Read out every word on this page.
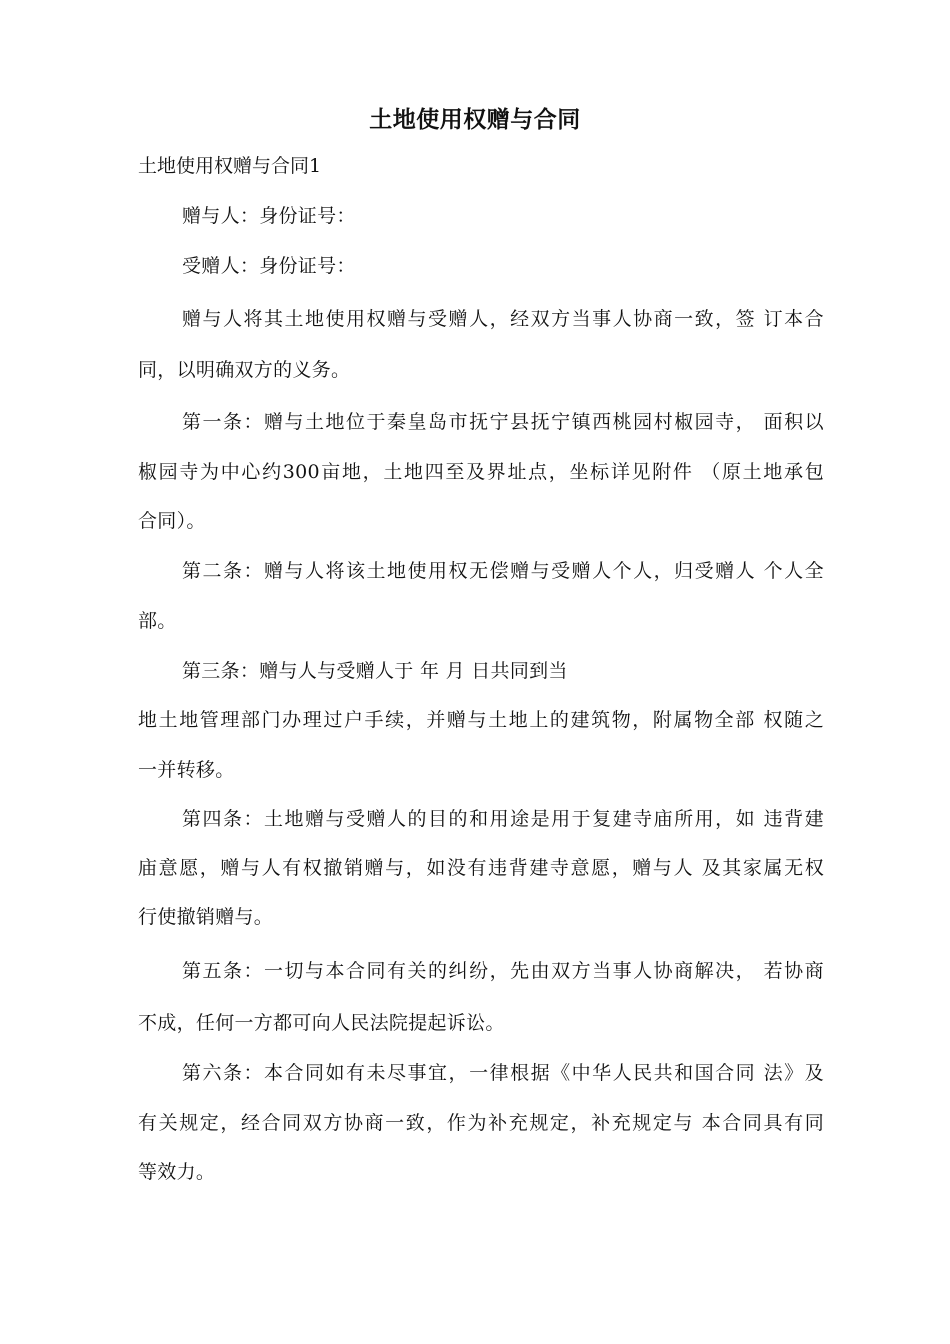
土地使用权赠与合同
土地使用权赠与合同1
赠与人：身份证号：
受赠人：身份证号：
赠与人将其土地使用权赠与受赠人，经双方当事人协商一致，签 订本合
同，以明确双方的义务。
第一条：赠与土地位于秦皇岛市抚宁县抚宁镇西桃园村椒园寺， 面积以
椒园寺为中心约300亩地，土地四至及界址点，坐标详见附件 （原土地承包
合同）。
第二条：赠与人将该土地使用权无偿赠与受赠人个人，归受赠人 个人全
部。
第三条：赠与人与受赠人于 年 月 日共同到当
地土地管理部门办理过户手续，并赠与土地上的建筑物，附属物全部 权随之
一并转移。
第四条：土地赠与受赠人的目的和用途是用于复建寺庙所用，如 违背建
庙意愿，赠与人有权撤销赠与，如没有违背建寺意愿，赠与人 及其家属无权
行使撤销赠与。
第五条：一切与本合同有关的纠纷，先由双方当事人协商解决， 若协商
不成，任何一方都可向人民法院提起诉讼。
第六条：本合同如有未尽事宜，一律根据《中华人民共和国合同 法》及
有关规定，经合同双方协商一致，作为补充规定，补充规定与 本合同具有同
等效力。
